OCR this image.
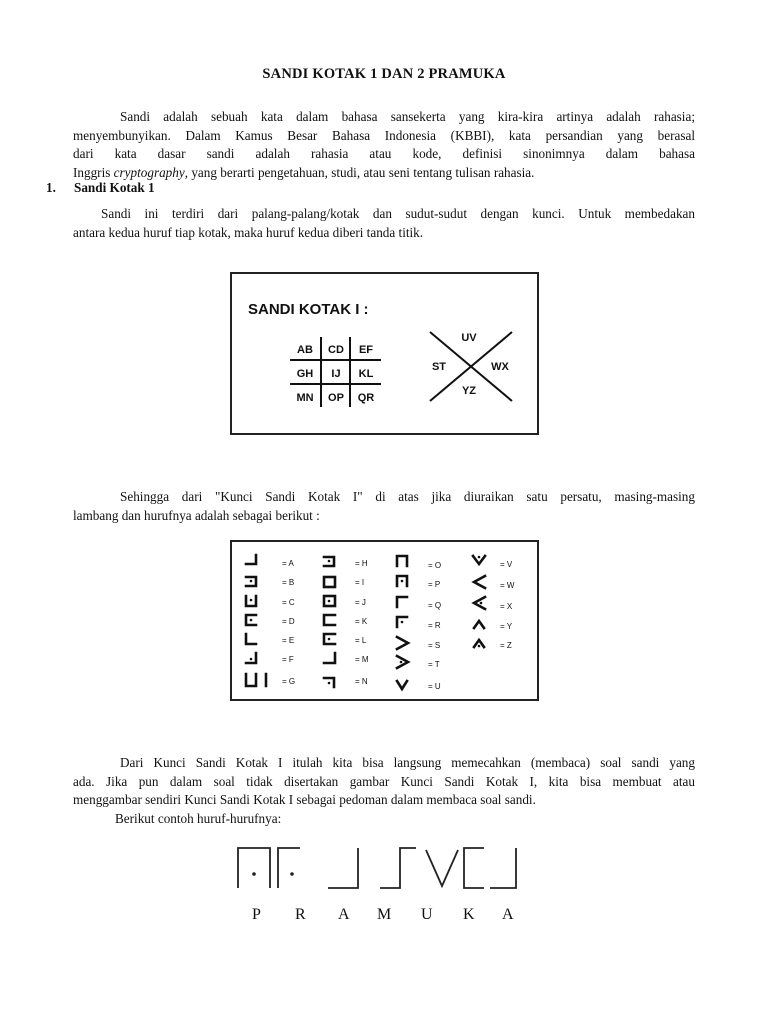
SANDI KOTAK 1 DAN 2 PRAMUKA
Sandi adalah sebuah kata dalam bahasa sansekerta yang kira-kira artinya adalah rahasia;
menyembunyikan. Dalam Kamus Besar Bahasa Indonesia (KBBI), kata persandian yang berasal
dari kata dasar sandi adalah rahasia atau kode, definisi sinonimnya dalam bahasa
Inggris cryptography, yang berarti pengetahuan, studi, atau seni tentang tulisan rahasia.
1. Sandi Kotak 1
Sandi ini terdiri dari palang-palang/kotak dan sudut-sudut dengan kunci. Untuk membedakan
antara kedua huruf tiap kotak, maka huruf kedua diberi tanda titik.
SANDI KOTAK I :
AB CD EF
GH IJ KL
MN OP QR
UV
ST	WX
YZ
Sehingga dari "Kunci Sandi Kotak I" di atas jika diuraikan satu persatu, masing-masing
lambang dan hurufnya adalah sebagai berikut :
= A
= B
= C
= D
= E
= F
= G
= H
= I
= J
= K
= L
= M
= N
= O
= P
= Q
= R
= S
= T
= U
= V
= W
= X
= Y
= Z
Dari Kunci Sandi Kotak I itulah kita bisa langsung memecahkan (membaca) soal sandi yang
ada. Jika pun dalam soal tidak disertakan gambar Kunci Sandi Kotak I, kita bisa membuat atau
menggambar sendiri Kunci Sandi Kotak I sebagai pedoman dalam membaca soal sandi.
Berikut contoh huruf-hurufnya:
P R A M U K A
